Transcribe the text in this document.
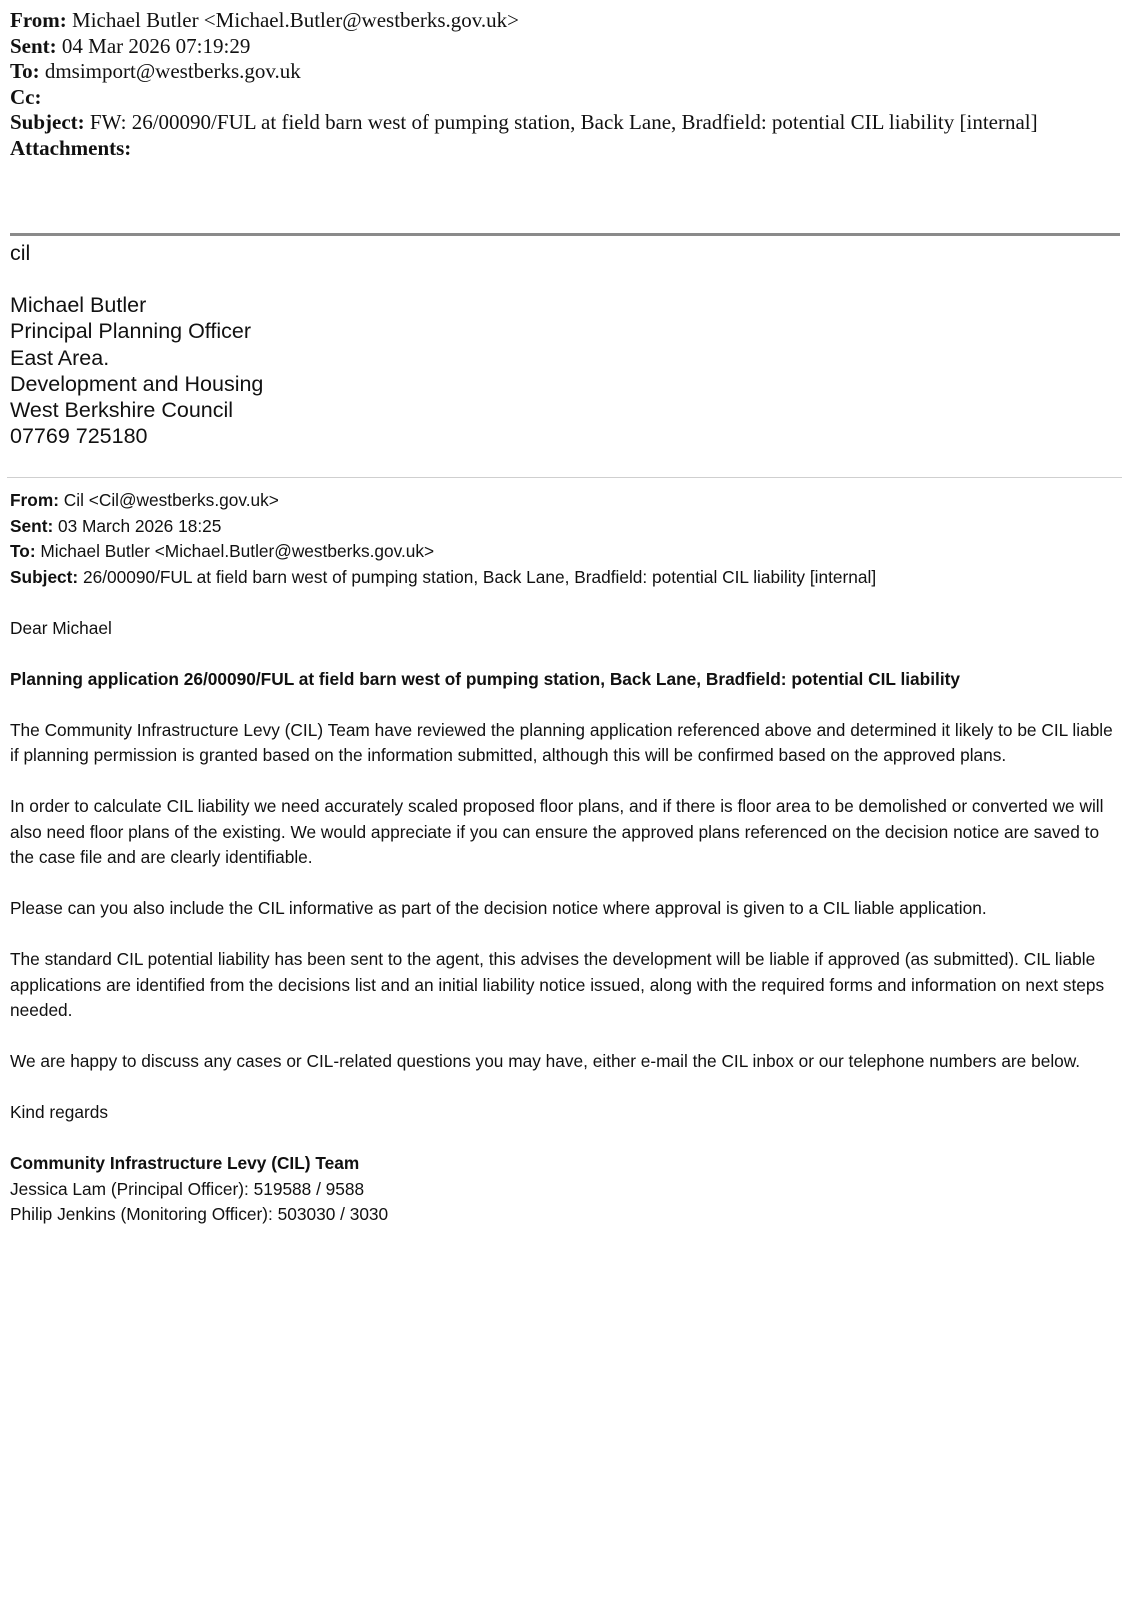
From: Michael Butler <Michael.Butler@westberks.gov.uk>
Sent: 04 Mar 2026 07:19:29
To: dmsimport@westberks.gov.uk
Cc:
Subject: FW: 26/00090/FUL at field barn west of pumping station, Back Lane, Bradfield: potential CIL liability [internal]
Attachments:
cil
Michael Butler
Principal Planning Officer
East Area.
Development and Housing
West Berkshire Council
07769 725180
From: Cil <Cil@westberks.gov.uk>
Sent: 03 March 2026 18:25
To: Michael Butler <Michael.Butler@westberks.gov.uk>
Subject: 26/00090/FUL at field barn west of pumping station, Back Lane, Bradfield: potential CIL liability [internal]

Dear Michael

Planning application 26/00090/FUL at field barn west of pumping station, Back Lane, Bradfield: potential CIL liability

The Community Infrastructure Levy (CIL) Team have reviewed the planning application referenced above and determined it likely to be CIL liable if planning permission is granted based on the information submitted, although this will be confirmed based on the approved plans.

In order to calculate CIL liability we need accurately scaled proposed floor plans, and if there is floor area to be demolished or converted we will also need floor plans of the existing. We would appreciate if you can ensure the approved plans referenced on the decision notice are saved to the case file and are clearly identifiable.

Please can you also include the CIL informative as part of the decision notice where approval is given to a CIL liable application.

The standard CIL potential liability has been sent to the agent, this advises the development will be liable if approved (as submitted). CIL liable applications are identified from the decisions list and an initial liability notice issued, along with the required forms and information on next steps needed.

We are happy to discuss any cases or CIL-related questions you may have, either e-mail the CIL inbox or our telephone numbers are below.

Kind regards

Community Infrastructure Levy (CIL) Team

Jessica Lam (Principal Officer): 519588 / 9588

Philip Jenkins (Monitoring Officer): 503030 / 3030
